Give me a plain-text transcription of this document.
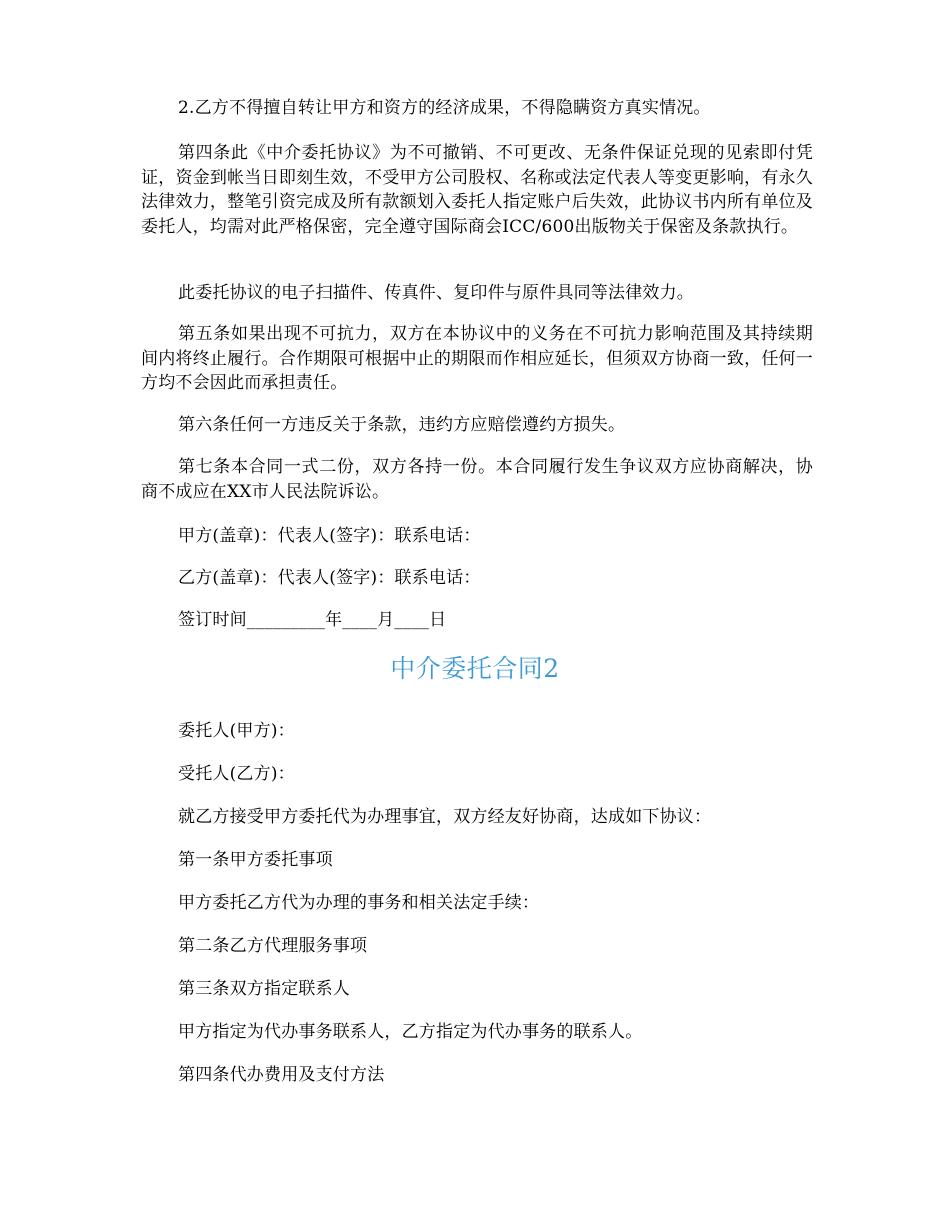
2.乙方不得擅自转让甲方和资方的经济成果，不得隐瞒资方真实情况。

第四条此《中介委托协议》为不可撤销、不可更改、无条件保证兑现的见索即付凭证，资金到帐当日即刻生效，不受甲方公司股权、名称或法定代表人等变更影响，有永久法律效力，整笔引资完成及所有款额划入委托人指定账户后失效，此协议书内所有单位及委托人，均需对此严格保密，完全遵守国际商会ICC/600出版物关于保密及条款执行。

此委托协议的电子扫描件、传真件、复印件与原件具同等法律效力。

第五条如果出现不可抗力，双方在本协议中的义务在不可抗力影响范围及其持续期间内将终止履行。合作期限可根据中止的期限而作相应延长，但须双方协商一致，任何一方均不会因此而承担责任。

第六条任何一方违反关于条款，违约方应赔偿遵约方损失。

第七条本合同一式二份，双方各持一份。本合同履行发生争议双方应协商解决，协商不成应在XX市人民法院诉讼。

甲方(盖章)：代表人(签字)：联系电话：

乙方(盖章)：代表人(签字)：联系电话：

签订时间_________年____月____日

中介委托合同2

委托人(甲方)：

受托人(乙方)：

就乙方接受甲方委托代为办理事宜，双方经友好协商，达成如下协议：

第一条甲方委托事项

甲方委托乙方代为办理的事务和相关法定手续：

第二条乙方代理服务事项

第三条双方指定联系人

甲方指定为代办事务联系人，乙方指定为代办事务的联系人。

第四条代办费用及支付方法
